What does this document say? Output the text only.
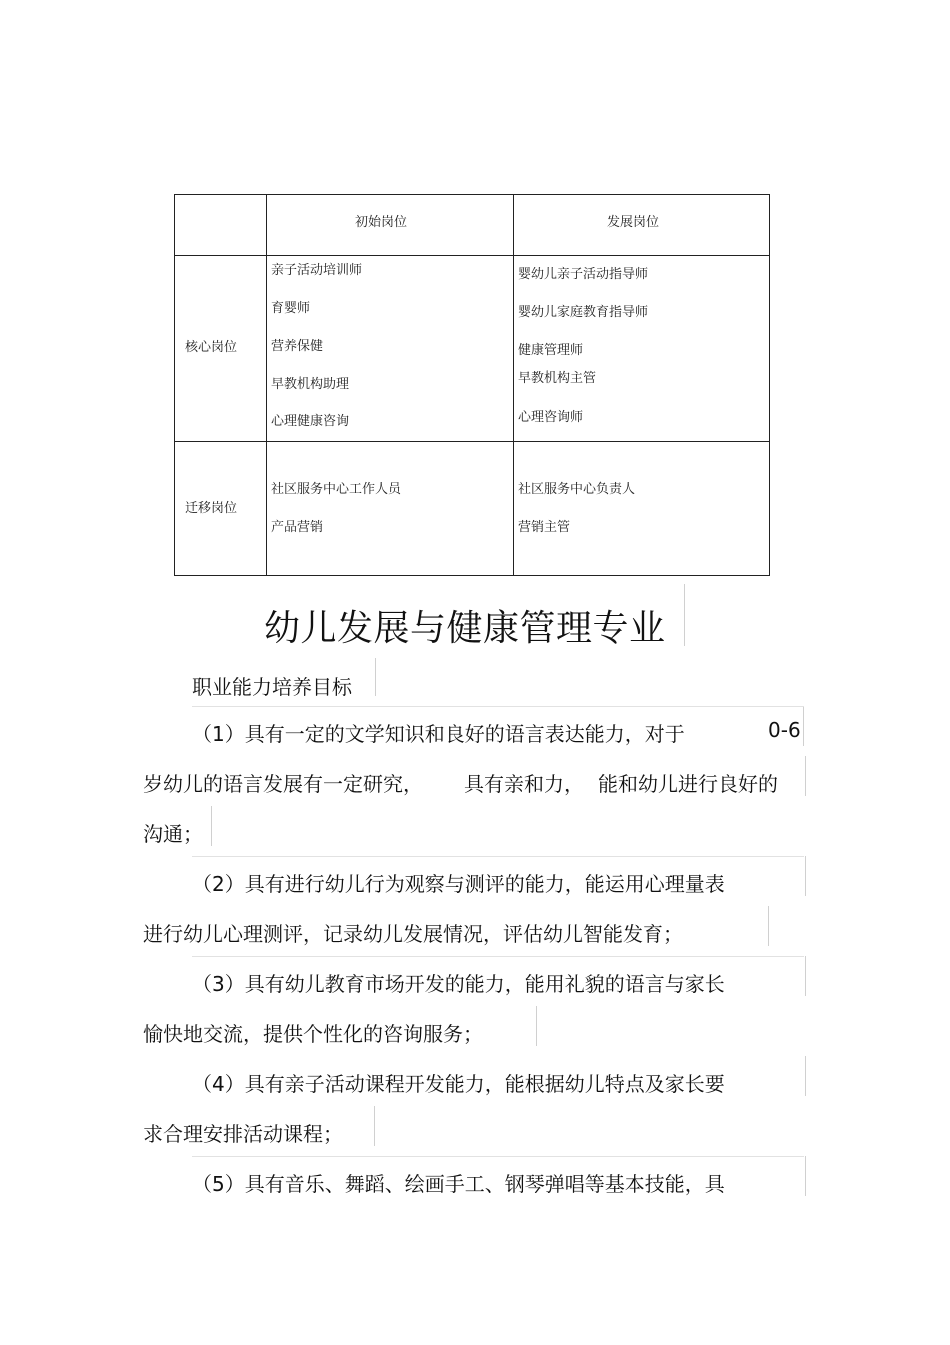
初始岗位	发展岗位
核心岗位
亲子活动培训师
育婴师
营养保健
早教机构助理
心理健康咨询
婴幼儿亲子活动指导师
婴幼儿家庭教育指导师
健康管理师
早教机构主管
心理咨询师
迁移岗位
社区服务中心工作人员
产品营销
社区服务中心负责人
营销主管
幼儿发展与健康管理专业
职业能力培养目标
（1）具有一定的文学知识和良好的语言表达能力，对于	0-6
岁幼儿的语言发展有一定研究， 具有亲和力， 能和幼儿进行良好的
沟通；
（2）具有进行幼儿行为观察与测评的能力，能运用心理量表
进行幼儿心理测评，记录幼儿发展情况，评估幼儿智能发育；
（3）具有幼儿教育市场开发的能力，能用礼貌的语言与家长
愉快地交流，提供个性化的咨询服务；
（4）具有亲子活动课程开发能力，能根据幼儿特点及家长要
求合理安排活动课程；
（5）具有音乐、舞蹈、绘画手工、钢琴弹唱等基本技能，具
